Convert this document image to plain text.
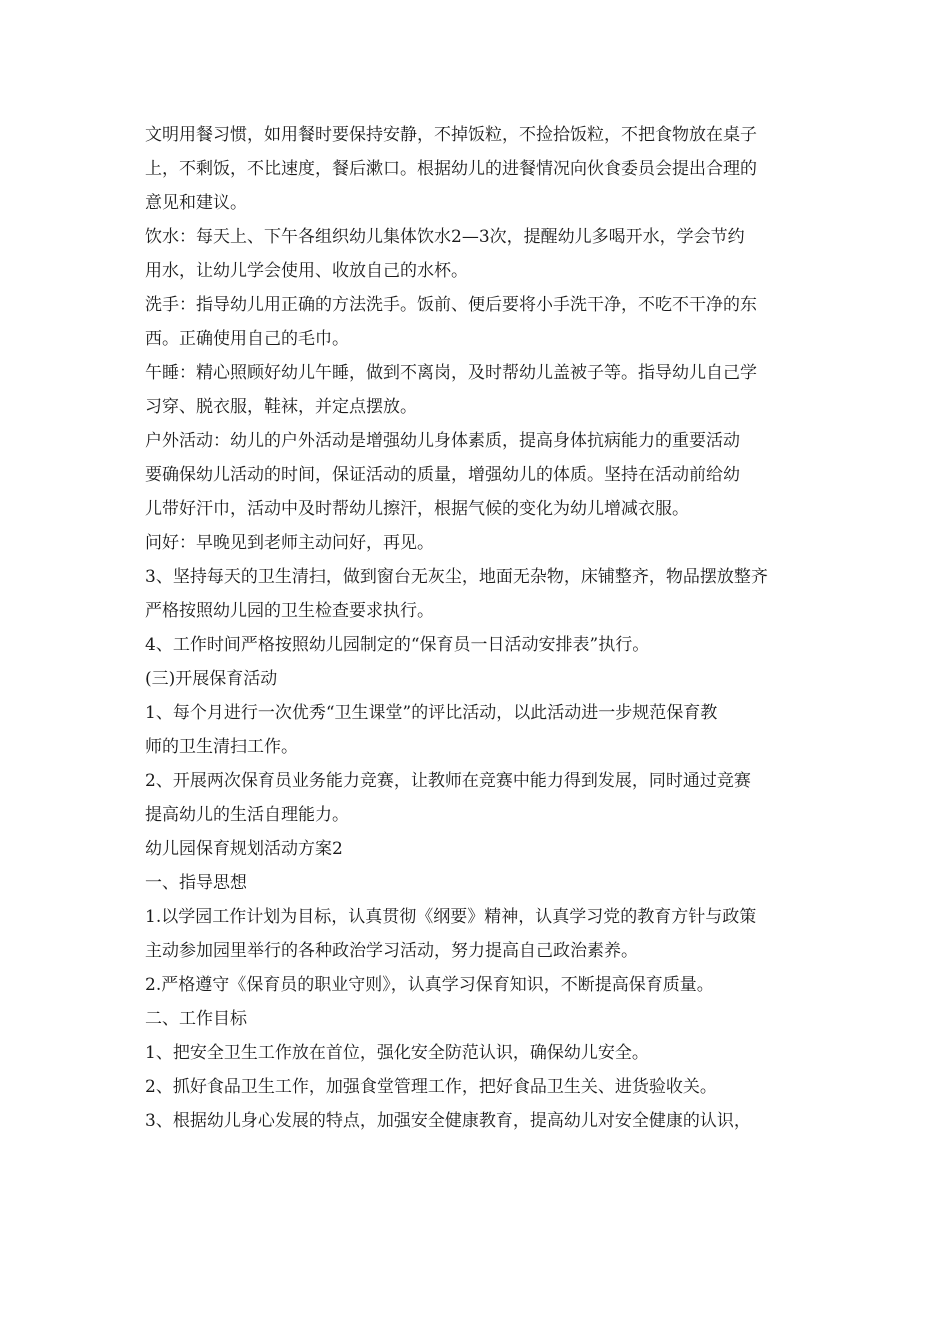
文明用餐习惯，如用餐时要保持安静，不掉饭粒，不捡拾饭粒，不把食物放在桌子
上，不剩饭，不比速度，餐后漱口。根据幼儿的进餐情况向伙食委员会提出合理的
意见和建议。
饮水：每天上、下午各组织幼儿集体饮水2—3次，提醒幼儿多喝开水，学会节约
用水，让幼儿学会使用、收放自己的水杯。
洗手：指导幼儿用正确的方法洗手。饭前、便后要将小手洗干净，不吃不干净的东
西。正确使用自己的毛巾。
午睡：精心照顾好幼儿午睡，做到不离岗，及时帮幼儿盖被子等。指导幼儿自己学
习穿、脱衣服，鞋袜，并定点摆放。
户外活动：幼儿的户外活动是增强幼儿身体素质，提高身体抗病能力的重要活动
要确保幼儿活动的时间，保证活动的质量，增强幼儿的体质。坚持在活动前给幼
儿带好汗巾，活动中及时帮幼儿擦汗，根据气候的变化为幼儿增减衣服。
问好：早晚见到老师主动问好，再见。
3、坚持每天的卫生清扫，做到窗台无灰尘，地面无杂物，床铺整齐，物品摆放整齐
严格按照幼儿园的卫生检查要求执行。
4、工作时间严格按照幼儿园制定的“保育员一日活动安排表”执行。
(三)开展保育活动
1、每个月进行一次优秀“卫生课堂”的评比活动，以此活动进一步规范保育教
师的卫生清扫工作。
2、开展两次保育员业务能力竞赛，让教师在竞赛中能力得到发展，同时通过竞赛
提高幼儿的生活自理能力。
幼儿园保育规划活动方案2
一、指导思想
1.以学园工作计划为目标，认真贯彻《纲要》精神，认真学习党的教育方针与政策
主动参加园里举行的各种政治学习活动，努力提高自己政治素养。
2.严格遵守《保育员的职业守则》，认真学习保育知识，不断提高保育质量。
二、工作目标
1、把安全卫生工作放在首位，强化安全防范认识，确保幼儿安全。
2、抓好食品卫生工作，加强食堂管理工作，把好食品卫生关、进货验收关。
3、根据幼儿身心发展的特点，加强安全健康教育，提高幼儿对安全健康的认识，
